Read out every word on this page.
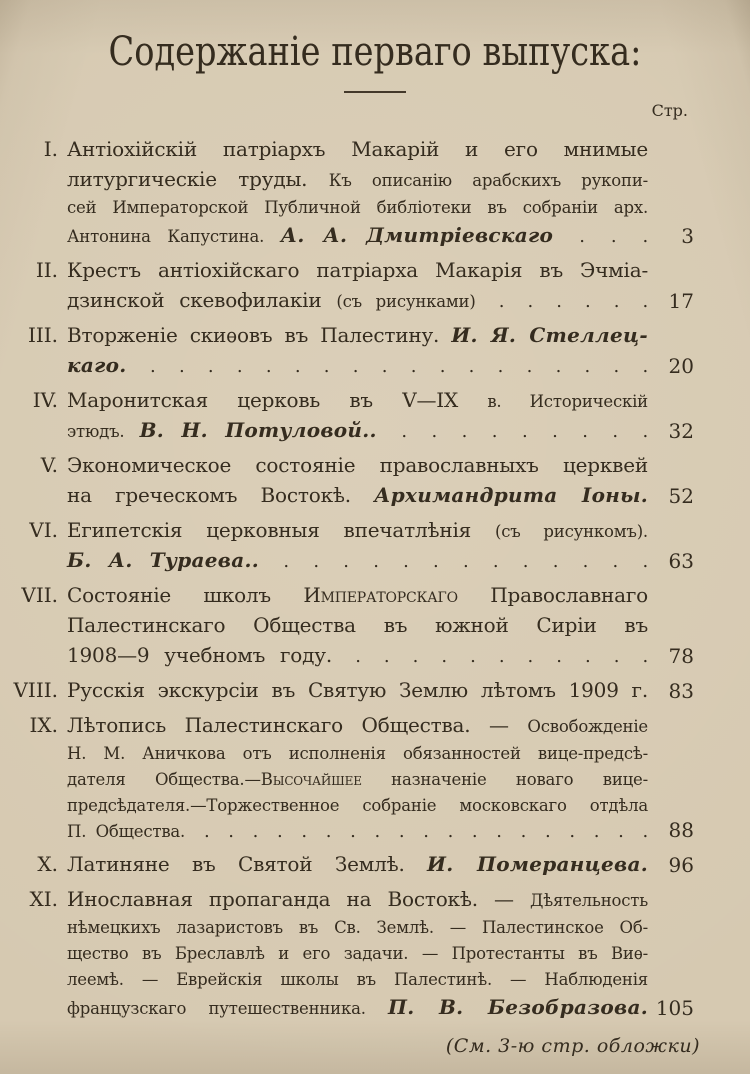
Содержаніе перваго выпуска:
Стр.
I. Антіохійскій патріархъ Макарій и его мнимые
литургическіе труды. Къ описанію арабскихъ рукопи-
сей Императорской Публичной библіотеки въ собраніи арх.
Антонина Капустина. А. А. Дмитріевскаго . . . 3
II. Крестъ антіохійскаго патріарха Макарія въ Эчміа-
дзинской скевофилакіи (съ рисунками) . . . . . . 17
III. Вторженіе скиѳовъ въ Палестину. И. Я. Стеллец-
каго. . . . . . . . . . . . . . . . . . . 20
IV. Маронитская церковь въ V—IX в. Историческій
этюдъ. В. Н. Потуловой.. . . . . . . . . . 32
V. Экономическое состояніе православныхъ церквей
на греческомъ Востокѣ. Архимандрита Іоны. 52
VI. Египетскія церковныя впечатлѣнія (съ рисункомъ).
Б. А. Тураева.. . . . . . . . . . . . . . 63
VII. Состояніе школъ Императорскаго Православнаго
Палестинскаго Общества въ южной Сиріи въ
1908—9 учебномъ году. . . . . . . . . . . . 78
VIII. Русскія экскурсіи въ Святую Землю лѣтомъ 1909 г. 83
IX. Лѣтопись Палестинскаго Общества. — Освобожденіе
Н. М. Аничкова отъ исполненія обязанностей вице-предсѣ-
дателя Общества.—Высочайшее назначеніе новаго вице-
предсѣдателя.—Торжественное собраніе московскаго отдѣла
П. Общества. . . . . . . . . . . . . . . . . . . . 88
X. Латиняне въ Святой Землѣ. И. Померанцева. 96
XI. Инославная пропаганда на Востокѣ. — Дѣятельность
нѣмецкихъ лазаристовъ въ Св. Землѣ. — Палестинское Об-
щество въ Бреславлѣ и его задачи. — Протестанты въ Виѳ-
леемѣ. — Еврейскія школы въ Палестинѣ. — Наблюденія
французскаго путешественника. П. В. Безобразова. 105
(См. 3-ю стр. обложки)
